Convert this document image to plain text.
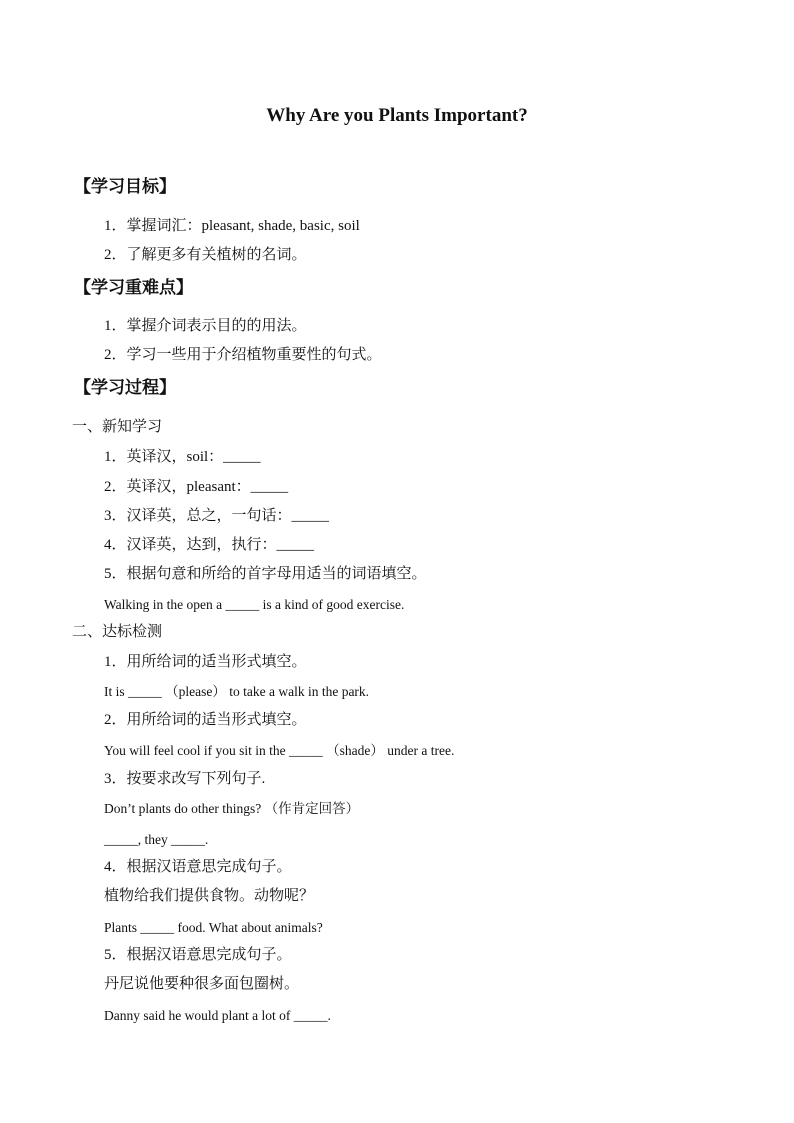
Why Are you Plants Important?
【学习目标】
1．掌握词汇：pleasant, shade, basic, soil
2．了解更多有关植树的名词。
【学习重难点】
1．掌握介词表示目的的用法。
2．学习一些用于介绍植物重要性的句式。
【学习过程】
一、新知学习
1．英译汉，soil：_____
2．英译汉，pleasant：_____
3．汉译英，总之，一句话：_____
4．汉译英，达到，执行：_____
5．根据句意和所给的首字母用适当的词语填空。
Walking in the open a _____ is a kind of good exercise.
二、达标检测
1．用所给词的适当形式填空。
It is _____ （please） to take a walk in the park.
2．用所给词的适当形式填空。
You will feel cool if you sit in the _____ （shade） under a tree.
3．按要求改写下列句子.
Don’t plants do other things? （作肯定回答）
_____, they _____.
4．根据汉语意思完成句子。
植物给我们提供食物。动物呢？
Plants _____ food. What about animals?
5．根据汉语意思完成句子。
丹尼说他要种很多面包圈树。
Danny said he would plant a lot of _____.
